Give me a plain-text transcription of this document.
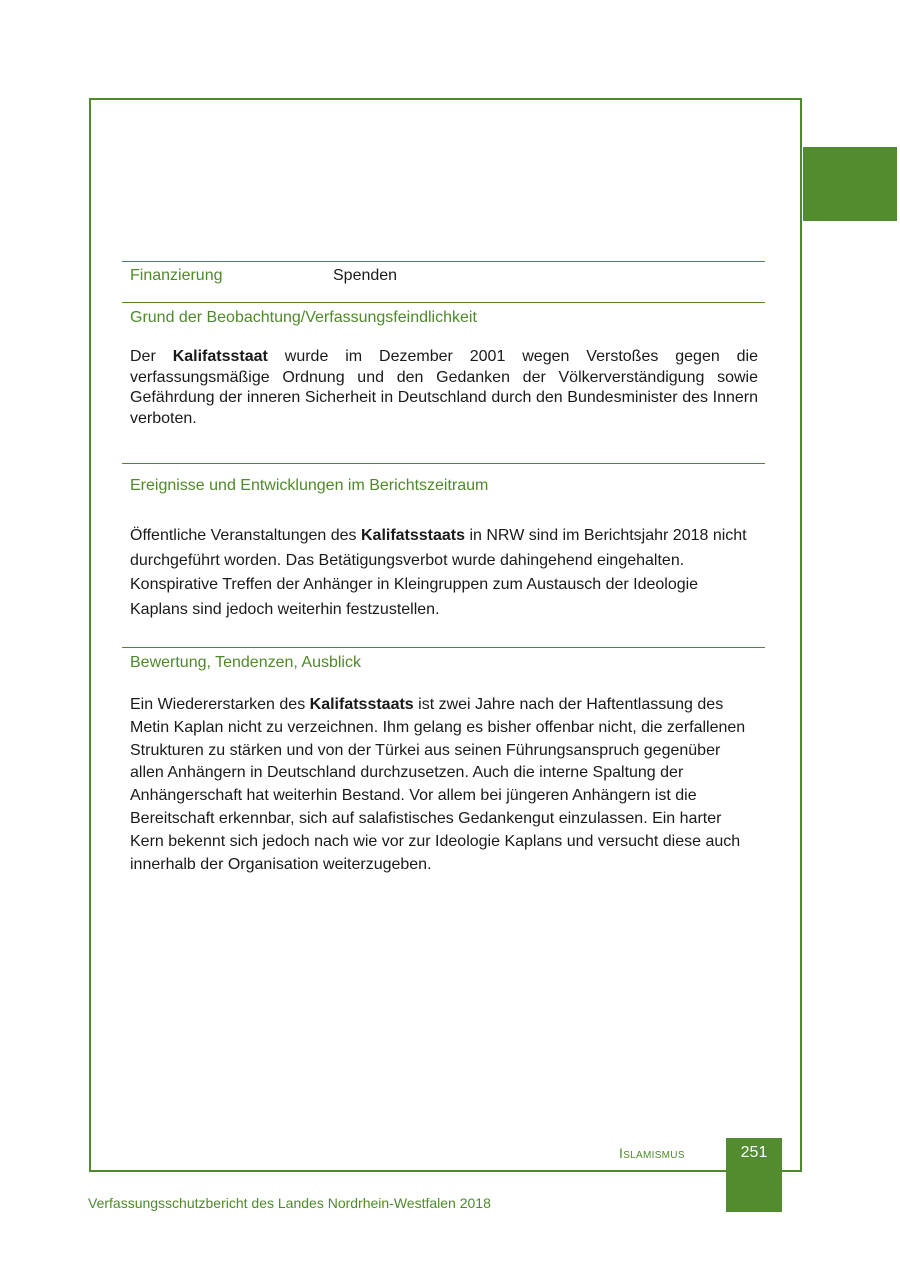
Finanzierung	Spenden
Grund der Beobachtung/Verfassungsfeindlichkeit

Der Kalifatsstaat wurde im Dezember 2001 wegen Verstoßes gegen die verfassungsmäßige Ordnung und den Gedanken der Völkerverständigung sowie Gefährdung der inneren Sicherheit in Deutschland durch den Bundesminister des Innern verboten.

Ereignisse und Entwicklungen im Berichtszeitraum

Öffentliche Veranstaltungen des Kalifatsstaats in NRW sind im Berichtsjahr 2018 nicht durchgeführt worden. Das Betätigungsverbot wurde dahingehend eingehalten. Konspirative Treffen der Anhänger in Kleingruppen zum Austausch der Ideologie Kaplans sind jedoch weiterhin festzustellen.

Bewertung, Tendenzen, Ausblick

Ein Wiedererstarken des Kalifatsstaats ist zwei Jahre nach der Haftentlassung des Metin Kaplan nicht zu verzeichnen. Ihm gelang es bisher offenbar nicht, die zerfallenen Strukturen zu stärken und von der Türkei aus seinen Führungsanspruch gegenüber allen Anhängern in Deutschland durchzusetzen. Auch die interne Spaltung der Anhängerschaft hat weiterhin Bestand. Vor allem bei jüngeren Anhängern ist die Bereitschaft erkennbar, sich auf salafistisches Gedankengut einzulassen. Ein harter Kern bekennt sich jedoch nach wie vor zur Ideologie Kaplans und versucht diese auch innerhalb der Organisation weiterzugeben.

Islamismus	251
Verfassungsschutzbericht des Landes Nordrhein-Westfalen 2018
